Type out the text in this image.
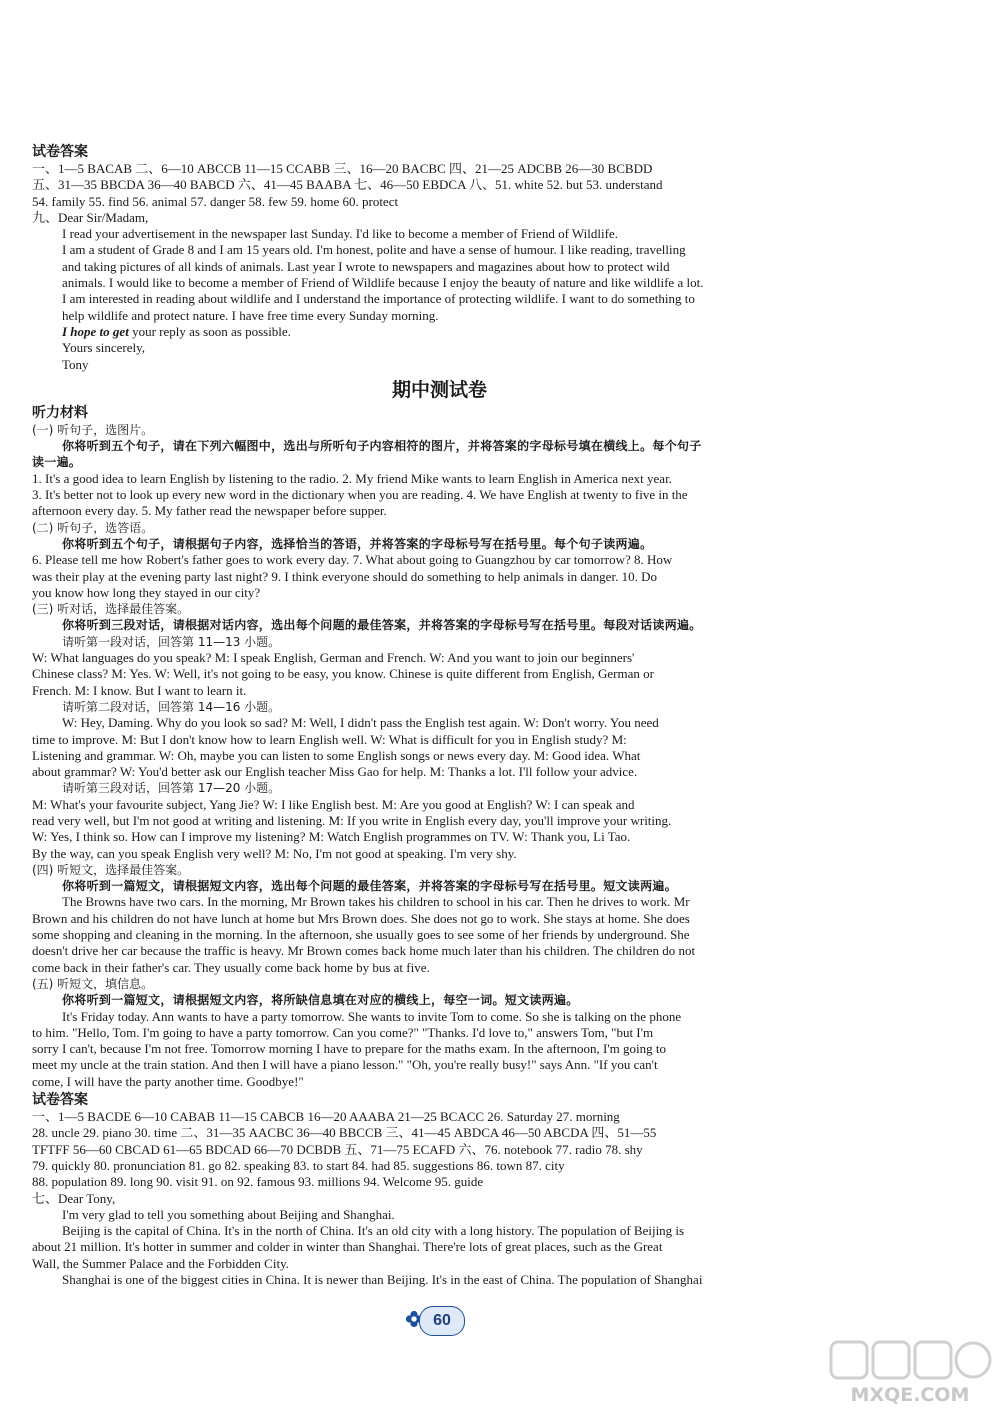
试卷答案
一、1—5 BACAB 二、6—10 ABCCB 11—15 CCABB 三、16—20 BACBC 四、21—25 ADCBB 26—30 BCBDD
五、31—35 BBCDA 36—40 BABCD 六、41—45 BAABA 七、46—50 EBDCA 八、51. white 52. but 53. understand
54. family 55. find 56. animal 57. danger 58. few 59. home 60. protect
九、Dear Sir/Madam,
I read your advertisement in the newspaper last Sunday. I'd like to become a member of Friend of Wildlife.
I am a student of Grade 8 and I am 15 years old. I'm honest, polite and have a sense of humour. I like reading, travelling
and taking pictures of all kinds of animals. Last year I wrote to newspapers and magazines about how to protect wild
animals. I would like to become a member of Friend of Wildlife because I enjoy the beauty of nature and like wildlife a lot.
I am interested in reading about wildlife and I understand the importance of protecting wildlife. I want to do something to
help wildlife and protect nature. I have free time every Sunday morning.
I hope to get your reply as soon as possible.
Yours sincerely,
Tony
期中测试卷
听力材料
(一) 听句子，选图片。
你将听到五个句子，请在下列六幅图中，选出与所听句子内容相符的图片，并将答案的字母标号填在横线上。每个句子
读一遍。
1. It's a good idea to learn English by listening to the radio. 2. My friend Mike wants to learn English in America next year.
3. It's better not to look up every new word in the dictionary when you are reading. 4. We have English at twenty to five in the
afternoon every day. 5. My father read the newspaper before supper.
(二) 听句子，选答语。
你将听到五个句子，请根据句子内容，选择恰当的答语，并将答案的字母标号写在括号里。每个句子读两遍。
6. Please tell me how Robert's father goes to work every day. 7. What about going to Guangzhou by car tomorrow? 8. How
was their play at the evening party last night? 9. I think everyone should do something to help animals in danger. 10. Do
you know how long they stayed in our city?
(三) 听对话，选择最佳答案。
你将听到三段对话，请根据对话内容，选出每个问题的最佳答案，并将答案的字母标号写在括号里。每段对话读两遍。
请听第一段对话，回答第 11—13 小题。
W: What languages do you speak? M: I speak English, German and French. W: And you want to join our beginners'
Chinese class? M: Yes. W: Well, it's not going to be easy, you know. Chinese is quite different from English, German or
French. M: I know. But I want to learn it.
请听第二段对话，回答第 14—16 小题。
W: Hey, Daming. Why do you look so sad? M: Well, I didn't pass the English test again. W: Don't worry. You need
time to improve. M: But I don't know how to learn English well. W: What is difficult for you in English study? M:
Listening and grammar. W: Oh, maybe you can listen to some English songs or news every day. M: Good idea. What
about grammar? W: You'd better ask our English teacher Miss Gao for help. M: Thanks a lot. I'll follow your advice.
请听第三段对话，回答第 17—20 小题。
M: What's your favourite subject, Yang Jie? W: I like English best. M: Are you good at English? W: I can speak and
read very well, but I'm not good at writing and listening. M: If you write in English every day, you'll improve your writing.
W: Yes, I think so. How can I improve my listening? M: Watch English programmes on TV. W: Thank you, Li Tao.
By the way, can you speak English very well? M: No, I'm not good at speaking. I'm very shy.
(四) 听短文，选择最佳答案。
你将听到一篇短文，请根据短文内容，选出每个问题的最佳答案，并将答案的字母标号写在括号里。短文读两遍。
The Browns have two cars. In the morning, Mr Brown takes his children to school in his car. Then he drives to work. Mr
Brown and his children do not have lunch at home but Mrs Brown does. She does not go to work. She stays at home. She does
some shopping and cleaning in the morning. In the afternoon, she usually goes to see some of her friends by underground. She
doesn't drive her car because the traffic is heavy. Mr Brown comes back home much later than his children. The children do not
come back in their father's car. They usually come back home by bus at five.
(五) 听短文，填信息。
你将听到一篇短文，请根据短文内容，将所缺信息填在对应的横线上，每空一词。短文读两遍。
It's Friday today. Ann wants to have a party tomorrow. She wants to invite Tom to come. So she is talking on the phone
to him. "Hello, Tom. I'm going to have a party tomorrow. Can you come?" "Thanks. I'd love to," answers Tom, "but I'm
sorry I can't, because I'm not free. Tomorrow morning I have to prepare for the maths exam. In the afternoon, I'm going to
meet my uncle at the train station. And then I will have a piano lesson." "Oh, you're really busy!" says Ann. "If you can't
come, I will have the party another time. Goodbye!"
试卷答案
一、1—5 BACDE 6—10 CABAB 11—15 CABCB 16—20 AAABA 21—25 BCACC 26. Saturday 27. morning
28. uncle 29. piano 30. time 二、31—35 AACBC 36—40 BBCCB 三、41—45 ABDCA 46—50 ABCDA 四、51—55
TFTFF 56—60 CBCAD 61—65 BDCAD 66—70 DCBDB 五、71—75 ECAFD 六、76. notebook 77. radio 78. shy
79. quickly 80. pronunciation 81. go 82. speaking 83. to start 84. had 85. suggestions 86. town 87. city
88. population 89. long 90. visit 91. on 92. famous 93. millions 94. Welcome 95. guide
七、Dear Tony,
I'm very glad to tell you something about Beijing and Shanghai.
Beijing is the capital of China. It's in the north of China. It's an old city with a long history. The population of Beijing is
about 21 million. It's hotter in summer and colder in winter than Shanghai. There're lots of great places, such as the Great
Wall, the Summer Palace and the Forbidden City.
Shanghai is one of the biggest cities in China. It is newer than Beijing. It's in the east of China. The population of Shanghai
60
MXQE.COM
